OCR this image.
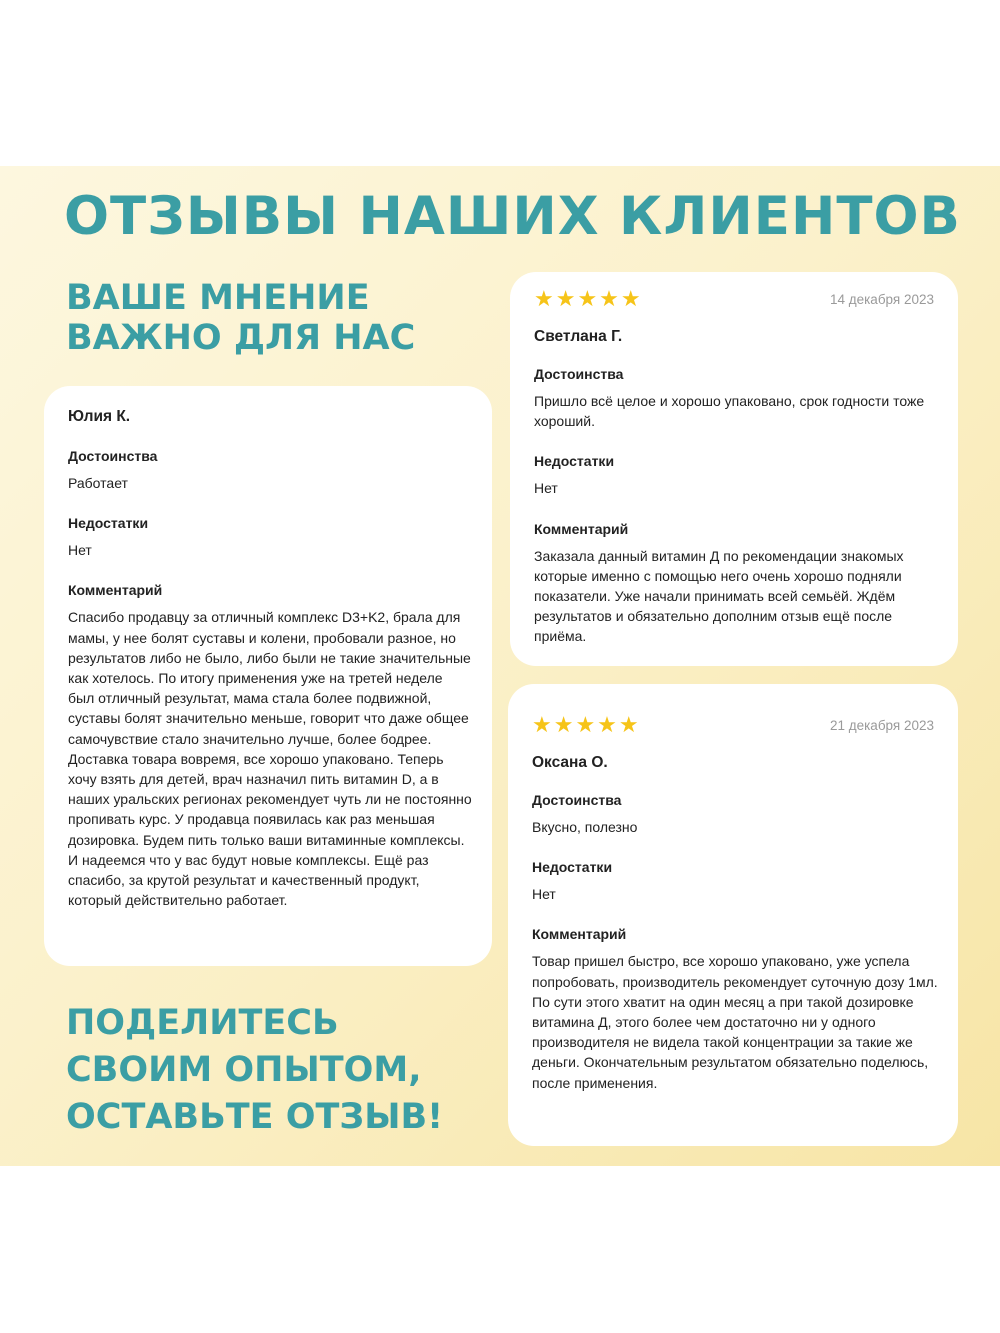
ОТЗЫВЫ НАШИХ КЛИЕНТОВ
ВАШЕ МНЕНИЕ
ВАЖНО ДЛЯ НАС

Юлия К.

Достоинства

Работает

Недостатки

Нет

Комментарий

Спасибо продавцу за отличный комплекс D3+K2, брала для мамы, у нее болят суставы и колени, пробовали разное, но результатов либо не было, либо были не такие значительные как хотелось. По итогу применения уже на третей неделе был отличный результат, мама стала более подвижной, суставы болят значительно меньше, говорит что даже общее самочувствие стало значительно лучше, более бодрее. Доставка товара вовремя, все хорошо упаковано. Теперь хочу взять для детей, врач назначил пить витамин D, а в наших уральских регионах рекомендует чуть ли не постоянно пропивать курс. У продавца появилась как раз меньшая дозировка. Будем пить только ваши витаминные комплексы. И надеемся что у вас будут новые комплексы. Ещё раз спасибо, за крутой результат и качественный продукт, который действительно работает.

★★★★★	14 декабря 2023

Светлана Г.

Достоинства

Пришло всё целое и хорошо упаковано, срок годности тоже хороший.

Недостатки

Нет

Комментарий

Заказала данный витамин Д по рекомендации знакомых которые именно с помощью него очень хорошо подняли показатели. Уже начали принимать всей семьёй. Ждём результатов и обязательно дополним отзыв ещё после приёма.

★★★★★	21 декабря 2023

Оксана О.

Достоинства

Вкусно, полезно

Недостатки

Нет

Комментарий

Товар пришел быстро, все хорошо упаковано, уже успела попробовать, производитель рекомендует суточную дозу 1мл. По сути этого хватит на один месяц а при такой дозировке витамина Д, этого более чем достаточно ни у одного производителя не видела такой концентрации за такие же деньги. Окончательным результатом обязательно поделюсь, после применения.

ПОДЕЛИТЕСЬ
СВОИМ ОПЫТОМ,
ОСТАВЬТЕ ОТЗЫВ!
